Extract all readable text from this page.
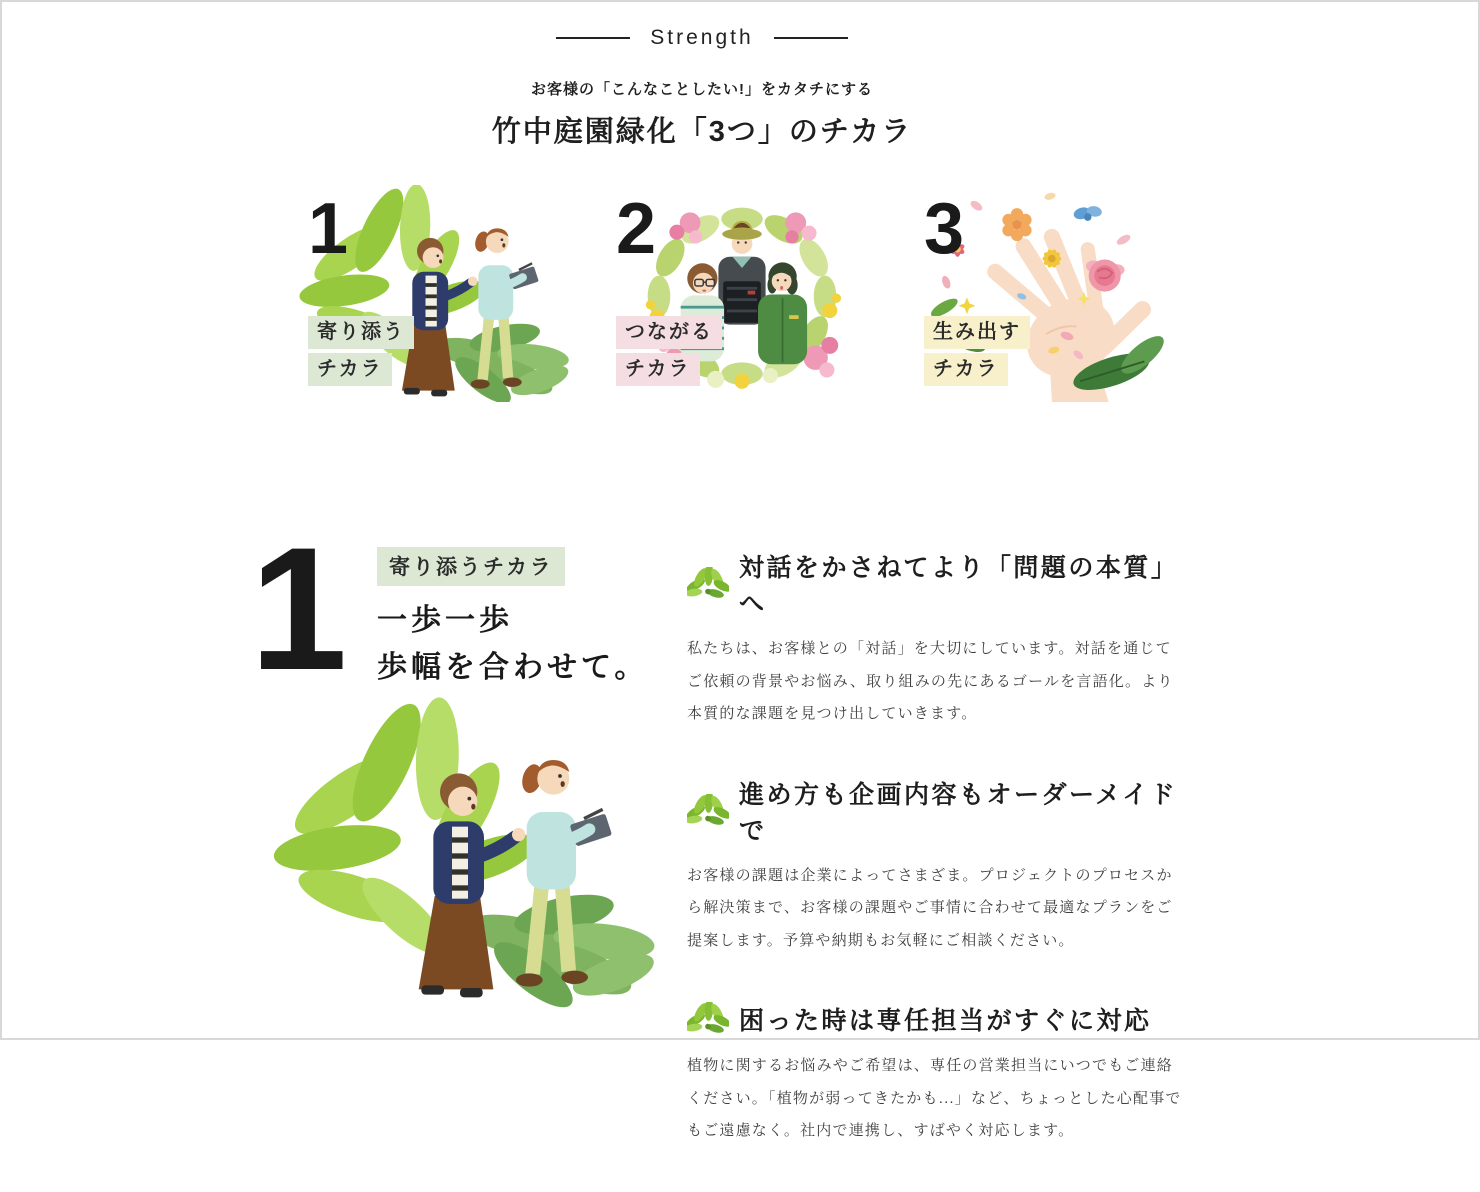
Strength
お客様の「こんなことしたい!」をカタチにする
竹中庭園緑化「3つ」のチカラ
1
寄り添う
チカラ
2
つながる
チカラ
3
生み出す
チカラ
1 寄り添うチカラ
一歩一歩
歩幅を合わせて。
対話をかさねてより「問題の本質」へ

私たちは、お客様との「対話」を大切にしています。対話を通じてご依頼の背景やお悩み、取り組みの先にあるゴールを言語化。より本質的な課題を見つけ出していきます。

進め方も企画内容もオーダーメイドで

お客様の課題は企業によってさまざま。プロジェクトのプロセスから解決策まで、お客様の課題やご事情に合わせて最適なプランをご提案します。予算や納期もお気軽にご相談ください。

困った時は専任担当がすぐに対応

植物に関するお悩みやご希望は、専任の営業担当にいつでもご連絡ください。「植物が弱ってきたかも...」など、ちょっとした心配事でもご遠慮なく。社内で連携し、すばやく対応します。
